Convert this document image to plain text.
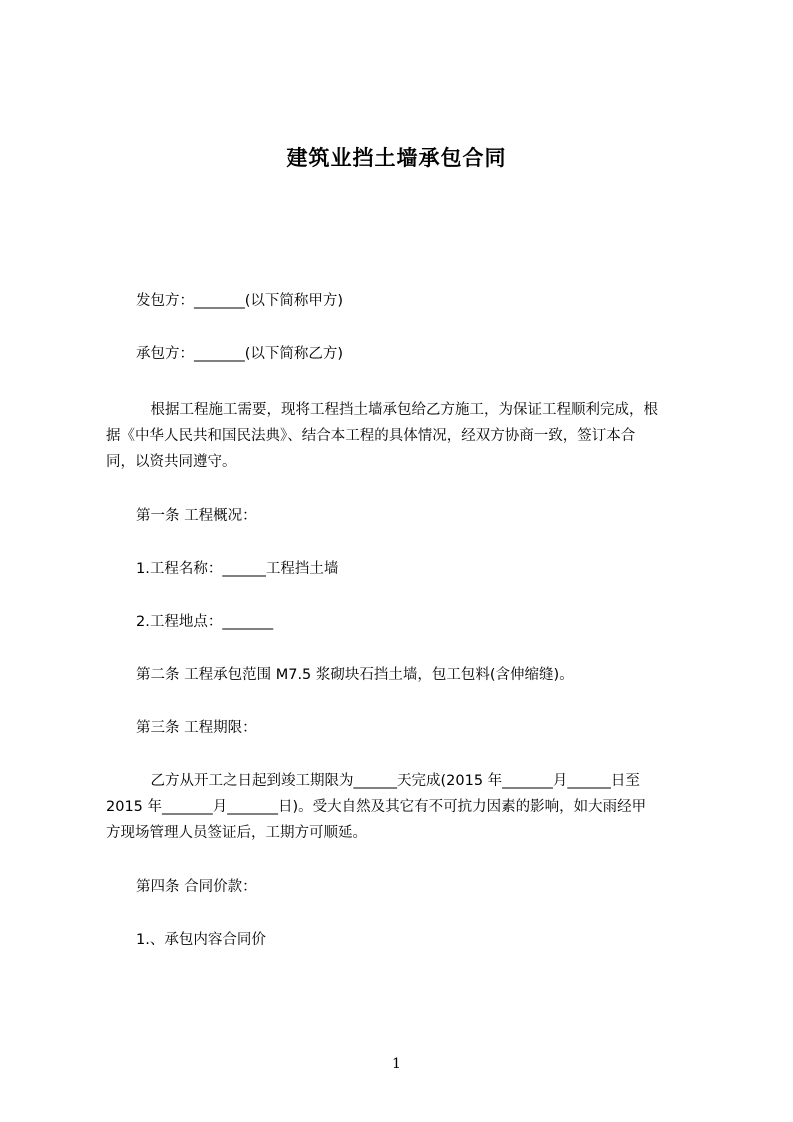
建筑业挡土墙承包合同
发包方：_______(以下简称甲方)
承包方：_______(以下简称乙方)
　根据工程施工需要，现将工程挡土墙承包给乙方施工，为保证工程顺利完成，根
据《中华人民共和国民法典》、结合本工程的具体情况，经双方协商一致，签订本合
同，以资共同遵守。
第一条 工程概况：
1.工程名称：______工程挡土墙
2.工程地点：_______
第二条 工程承包范围 M7.5 浆砌块石挡土墙，包工包料(含伸缩缝)。
第三条 工程期限：
　乙方从开工之日起到竣工期限为______天完成(2015 年_______月______日至
2015 年_______月_______日)。受大自然及其它有不可抗力因素的影响，如大雨经甲
方现场管理人员签证后，工期方可顺延。
第四条 合同价款：
1.、承包内容合同价
1
